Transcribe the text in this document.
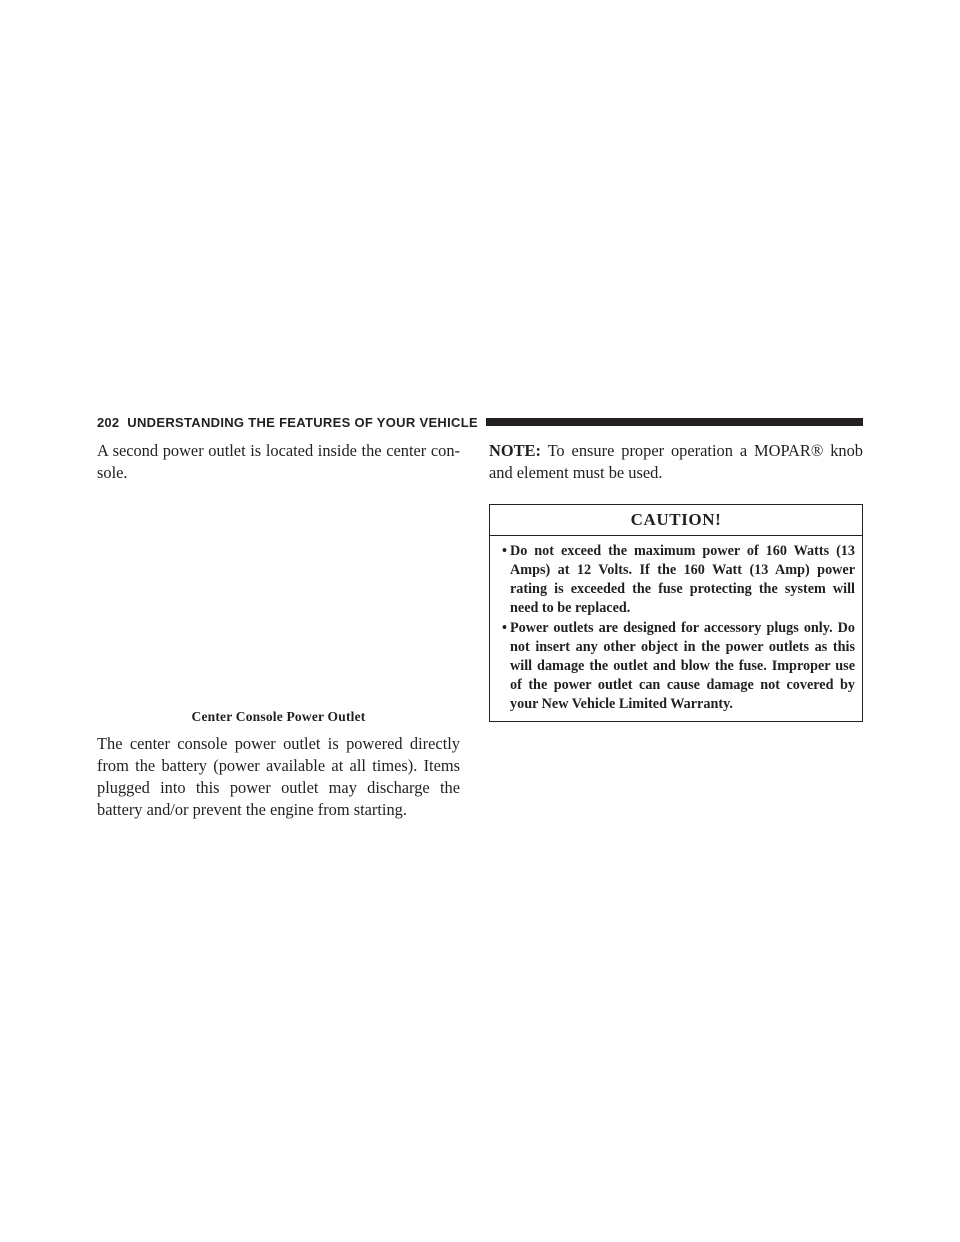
202 UNDERSTANDING THE FEATURES OF YOUR VEHICLE

A second power outlet is located inside the center con- sole.

Center Console Power Outlet

The center console power outlet is powered directly from the battery (power available at all times). Items plugged into this power outlet may discharge the battery and/or prevent the engine from starting.

NOTE: To ensure proper operation a MOPAR® knob and element must be used.

CAUTION!
• Do not exceed the maximum power of 160 Watts (13 Amps) at 12 Volts. If the 160 Watt (13 Amp) power rating is exceeded the fuse protecting the system will need to be replaced.
• Power outlets are designed for accessory plugs only. Do not insert any other object in the power outlets as this will damage the outlet and blow the fuse. Improper use of the power outlet can cause damage not covered by your New Vehicle Limited Warranty.
